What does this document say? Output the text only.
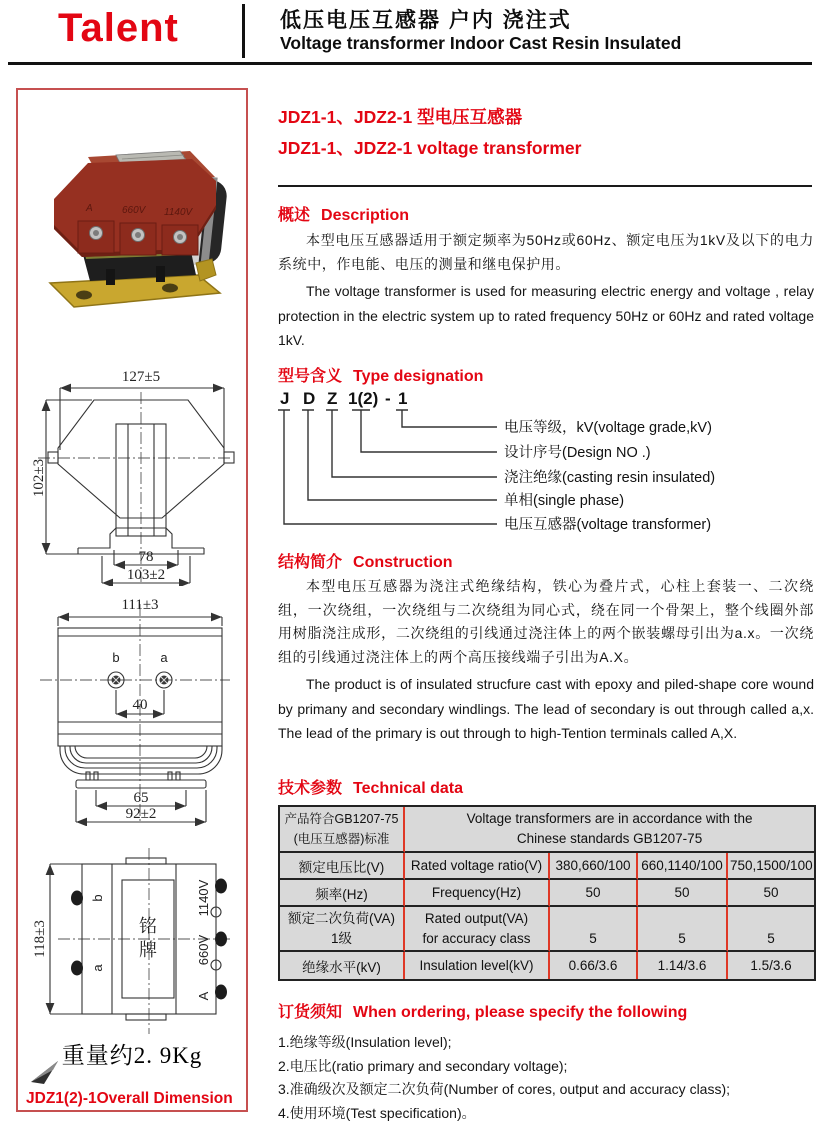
Talent	低压电压互感器 户内 浇注式
Voltage transformer Indoor Cast Resin Insulated
A	660V 1140V
127±5
102±3
78
103±2
111±3
b	a
40
65
92±2
118±3
b
a
1140V
660V
A
铭
牌
重量约2. 9Kg
JDZ1(2)-1Overall Dimension
JDZ1-1、JDZ2-1 型电压互感器
JDZ1-1、JDZ2-1 voltage transformer
概述 Description

本型电压互感器适用于额定频率为50Hz或60Hz、额定电压为1kV及以下的电力系统中，作电能、电压的测量和继电保护用。

The voltage transformer is used for measuring electric energy and voltage , relay protection in the electric system up to rated frequency 50Hz or 60Hz and rated voltage 1kV.

型号含义 Type designation
J D Z 1(2) - 1
电压等级，kV(voltage grade,kV)
设计序号(Design NO .)
浇注绝缘(casting resin insulated)
单相(single phase)
电压互感器(voltage transformer)
结构简介 Construction

本型电压互感器为浇注式绝缘结构，铁心为叠片式，心柱上套装一、二次绕组，一次绕组，一次绕组与二次绕组为同心式，绕在同一个骨架上，整个线圈外部用树脂浇注成形，二次绕组的引线通过浇注体上的两个嵌装螺母引出为a.x。一次绕组的引线通过浇注体上的两个高压接线端子引出为A.X。

The product is of insulated strucfure cast with epoxy and piled-shape core wound by primany and secondary windlings. The lead of secondary is out through called a,x. The lead of the primary is out through to high-Tention terminals called A,X.

技术参数 Technical data
产品符合GB1207-75
(电压互感器)标准	Voltage transformers are in accordance with the
Chinese standards GB1207-75			

额定电压比(V)	Rated voltage ratio(V)	380,660/100	660,1140/100	750,1500/100
频率(Hz)	Frequency(Hz)	50	50	50

额定二次负荷(VA)
1级	Rated output(VA)
for accuracy class	5	5	5
绝缘水平(kV)	Insulation level(kV)	0.66/3.6	1.14/3.6	1.5/3.6
订货须知 When ordering, please specify the following
1.绝缘等级(Insulation level);
2.电压比(ratio primary and secondary voltage);
3.准确级次及额定二次负荷(Number of cores, output and accuracy class);
4.使用环境(Test specification)。
